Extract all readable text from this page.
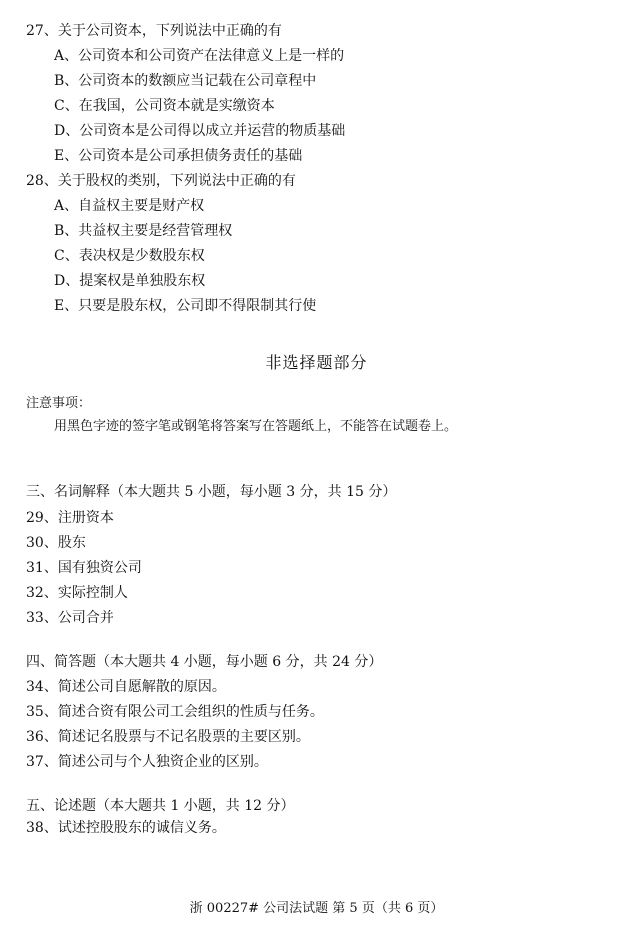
27、关于公司资本，下列说法中正确的有
A、公司资本和公司资产在法律意义上是一样的
B、公司资本的数额应当记载在公司章程中
C、在我国，公司资本就是实缴资本
D、公司资本是公司得以成立并运营的物质基础
E、公司资本是公司承担债务责任的基础
28、关于股权的类别，下列说法中正确的有
A、自益权主要是财产权
B、共益权主要是经营管理权
C、表决权是少数股东权
D、提案权是单独股东权
E、只要是股东权，公司即不得限制其行使
非选择题部分
注意事项：
用黑色字迹的签字笔或钢笔将答案写在答题纸上，不能答在试题卷上。
三、名词解释（本大题共 5 小题，每小题 3 分，共 15 分）
29、注册资本
30、股东
31、国有独资公司
32、实际控制人
33、公司合并
四、简答题（本大题共 4 小题，每小题 6 分，共 24 分）
34、简述公司自愿解散的原因。
35、简述合资有限公司工会组织的性质与任务。
36、简述记名股票与不记名股票的主要区别。
37、简述公司与个人独资企业的区别。
五、论述题（本大题共 1 小题，共 12 分）
38、试述控股股东的诚信义务。
浙 00227# 公司法试题 第 5 页（共 6 页）
